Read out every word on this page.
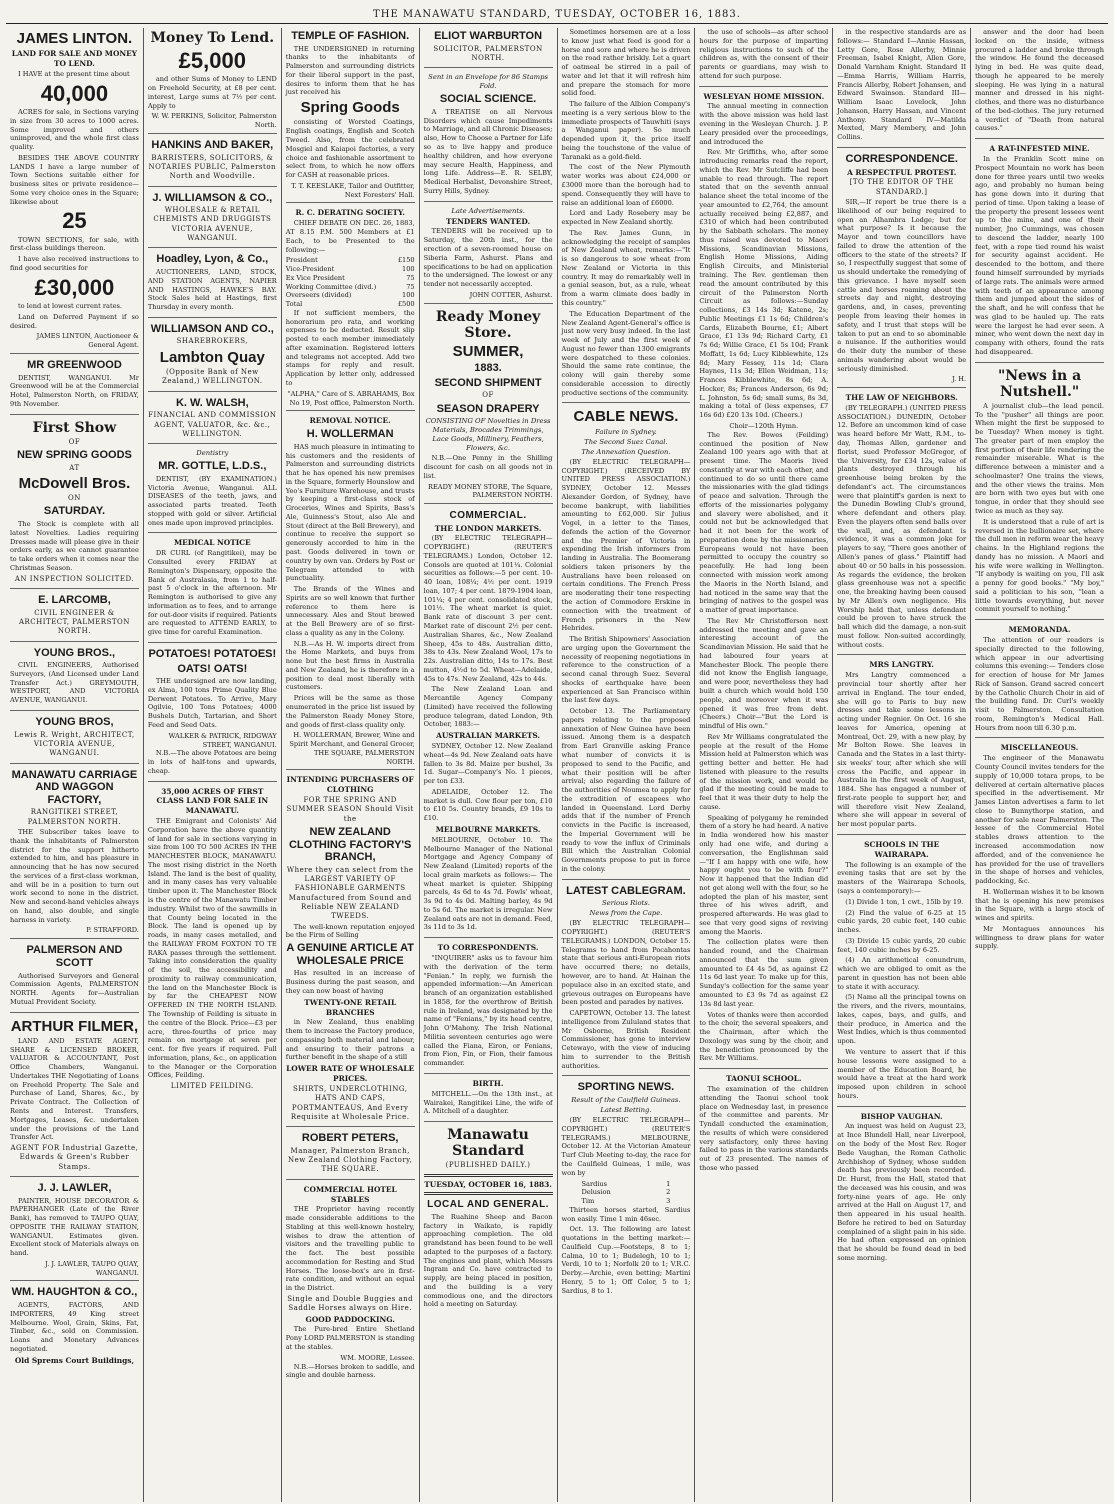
THE MANAWATU STANDARD, TUESDAY, OCTOBER 16, 1883.
JAMES LINTON.
LAND FOR SALE AND MONEY TO LEND.
I HAVE at the present time about
40,000
ACRES for sale, in Sections varying in size from 30 acres to 1000 acres. Some improved and others unimproved, and the whole first class quality.
BESIDES THE ABOVE COUNTRY LANDS I have a large number of Town Sections suitable either for business sites or private residence—Some very choice ones in the Square; likewise about
25
TOWN SECTIONS, for sale, with first-class buildings thereon.
I have also received instructions to find good securities for
£30,000
to lend at lowest current rates.
Land on Deferred Payment if so desired.
JAMES LINTON, Auctioneer & General Agent.
MR GREENWOOD
DENTIST, WANGANUI. Mr Greenwood will be at the Commercial Hotel, Palmerston North, on FRIDAY, 9th November.
First Show
OF
NEW SPRING GOODS
AT
McDowell Bros.
ON
SATURDAY.
The Stock is complete with all latest Novelties. Ladies requiring Dresses made will please give in their orders early, as we cannot guarantee to take orders when it comes near the Christmas Season.
AN INSPECTION SOLICITED.
E. LARCOMB,
CIVIL ENGINEER & ARCHITECT, PALMERSTON NORTH.
YOUNG BROS.,
CIVIL ENGINEERS, Authorised Surveyors, (And Licensed under Land Transfer Act.) GREYMOUTH, WESTPORT, AND VICTORIA AVENUE, WANGANUI.
YOUNG BROS,
Lewis R. Wright, ARCHITECT, VICTORIA AVENUE, WANGANUI.
MANAWATU CARRIAGE AND WAGGON FACTORY,
RANGITIKEI STREET, PALMERSTON NORTH.
THE Subscriber takes leave to thank the inhabitants of Palmerston district for the support hitherto extended to him, and has pleasure in announcing that he has now secured the services of a first-class workman, and will be in a position to turn out work second to none in the district. New and second-hand vehicles always on hand, also double, and single harness in variety.
P. STRAFFORD.
PALMERSON AND SCOTT
Authorised Surveyors and General Commission Agents, PALMERSTON NORTH. Agents for—Australian Mutual Provident Society.
ARTHUR FILMER,
LAND AND ESTATE AGENT, SHARE & LICENSED BROKER, VALUATOR & ACCOUNTANT, Post Office Chambers, Wanganui. Undertakes THE Negotiating of Loans on Freehold Property. The Sale and Purchase of Land, Shares, &c., by Private Contract. The Collection of Rents and Interest. Transfers, Mortgages, Leases, &c. undertaken under the provisions of the Land Transfer Act.
AGENT FOR Industrial Gazette, Edwards & Green's Rubber Stamps.
J. J. LAWLER,
PAINTER, HOUSE DECORATOR & PAPERHANGER (Late of the River Bank), has removed to TAUPO QUAY, OPPOSITE THE RAILWAY STATION, WANGANUI. Estimates given. Excellent stock of Materials always on hand.
J. J. LAWLER, TAUPO QUAY, WANGANUI.
WM. HAUGHTON & CO.,
AGENTS, FACTORS, AND IMPORTERS, 49 King street Melbourne. Wool, Grain, Skins, Fat, Timber, &c., sold on Commission. Loans and Monetary Advances negotiated.
Old Sprems Court Buildings,
Money To Lend.
£5,000
and other Sums of Money to LEND on Freehold Security, at £8 per cent. interest, Large sums at 7½ per cent. Apply to
W. W. PERKINS, Solicitor, Palmerston North.
HANKINS AND BAKER,
BARRISTERS, SOLICITORS, & NOTARIES PUBLIC, Palmerston North and Woodville.
J. WILLIAMSON & CO.,
WHOLESALE & RETAIL CHEMISTS AND DRUGGISTS VICTORIA AVENUE, WANGANUI.
Hoadley, Lyon, & Co.,
AUCTIONEERS, LAND, STOCK, AND STATION AGENTS, NAPIER AND HASTINGS, HAWKE'S BAY. Stock Sales held at Hastings, first Thursday in every month.
WILLIAMSON AND CO.,
SHAREBROKERS,
Lambton Quay
(Opposite Bank of New Zealand,) WELLINGTON.
K. W. WALSH,
FINANCIAL AND COMMISSION AGENT, VALUATOR, &c. &c., WELLINGTON.
Dentistry
MR. GOTTLE, L.D.S.,
DENTIST, (BY EXAMINATION.) Victoria Avenue, Wanganui. ALL DISEASES of the teeth, jaws, and associated parts treated. Teeth stopped with gold or silver. Artificial ones made upon improved principles.
MEDICAL NOTICE
DR CURL (of Rangitikei), may be Consulted every FRIDAY at Remington's Dispensary, opposite the Bank of Australasia, from 1 to half-past 5 o'clock in the afternoon. Mr Remington is authorised to give any information as to fees, and to arrange for out-door visits if required. Patients are requested to ATTEND EARLY, to give time for careful Examination.
POTATOES! POTATOES!
OATS! OATS!
THE undersigned are now landing, ex Alma, 100 tons Prime Quality Blue Derwent Potatoes. To Arrive, Mary Ogilvie, 100 Tons Potatoes; 4000 Bushels Dutch, Tartarian, and Short Feed and Seed Oats.
WALKER & PATRICK, RIDGWAY STREET, WANGANUI.
N.B.—The above Potatoes are being in lots of half-tons and upwards, cheap.
35,000 ACRES OF FIRST CLASS LAND FOR SALE IN MANAWATU.
THE Emigrant and Colonists' Aid Corporation have the above quantity of land for sale in sections varying in size from 100 TO 500 ACRES IN THE MANCHESTER BLOCK, MANAWATU. The most rising district in the North Island. The land is the best of quality, and in many cases has very valuable timber upon it. The Manchester Block is the centre of the Manawatu Timber industry. Whilst two of the sawmills in that County being located in the Block. The land is opened up by roads, in many cases metalled, and the RAILWAY FROM FOXTON TO TE RAKA passes through the settlement. Taking into consideration the quality of the soil, the accessibility and proximity to railway communication, the land on the Manchester Block is by far the CHEAPEST NOW OFFERED IN THE NORTH ISLAND. The Township of Feilding is situate in the centre of the Block. Price—£3 per acre, three-fourths of price may remain on mortgage at seven per cent. for five years if required. Full information, plans, &c., on application to the Manager or the Corporation Offices, Feilding.
LIMITED FEILDING.
TEMPLE OF FASHION.
THE UNDERSIGNED in returning thanks to the inhabitants of Palmerston and surrounding districts for their liberal support in the past, desires to inform them that he has just received his
Spring Goods
consisting of Worsted Coatings, English coatings, English and Scotch Tweed. Also, from the celebrated Mosgiel and Kaiapoi factories, a very choice and fashionable assortment to select from, to which he now offers for CASH at reasonable prices.
T. T. KEESLAKE, Tailor and Outfitter, Next Foresters' Hall.
R. C. DERATING SOCIETY.
CHIEF DEBATE ON DEC. 26, 1883, AT 8.15 P.M. 500 Members at £1 Each, to be Presented to the following:—
President	£150
Vice-President	100
Ex Vice President	75
Working Committee (divd.)	75
Overseers (divided)	100
Total	£500
If not sufficient members, the honorarium pro rata, and working expenses to be deducted. Result slip posted to each member immediately after examination. Registered letters and telegrams not accepted. Add two stamps for reply and result. Application by letter only, addressed to
"ALPHA," Care of S. ABRAHAMS, Box No 19, Post office, Palmerston North.
REMOVAL NOTICE.
H. WOLLERMAN
HAS much pleasure in intimating to his customers and the residents of Palmerston and surrounding districts that he has opened his new premises in the Square, formerly Hounslow and Yeo's Furniture Warehouse, and trusts by keeping a first-class stock of Groceries, Wines and Spirits, Bass's Ale, Guinness's Stout, also Ale and Stout (direct at the Bell Brewery), and continue to receive the support so generously accorded to him in the past. Goods delivered in town or country by own van. Orders by Post or Telegram attended to with punctuality.
The Brands of the Wines and Spirits are so well known that further reference to them here is unnecessary. Ales and Stout brewed at the Bell Brewery are of so first-class a quality as any in the Colony.
N.B.—As H. W. imports direct from the Home Markets, and buys from none but the best firms in Australia and New Zealand, he is therefore in a position to deal most liberally with customers.
Prices will be the same as those enumerated in the price list issued by the Palmerston Ready Money Store, and goods of first-class quality only.
H. WOLLERMAN, Brewer, Wine and Spirit Merchant, and General Grocer, THE SQUARE, PALMERSTON NORTH.
INTENDING PURCHASERS OF CLOTHING
FOR THE SPRING AND SUMMER SEASON Should Visit the
NEW ZEALAND CLOTHING FACTORY'S BRANCH,
Where they can select from the LARGEST VARIETY OF FASHIONABLE GARMENTS Manufactured from Sound and Reliable NEW ZEALAND TWEEDS.
The well-known reputation enjoyed be the Firm of Selling
A GENUINE ARTICLE AT WHOLESALE PRICE
Has resulted in an increase of Business during the past season, and they can now boast of having
TWENTY-ONE RETAIL BRANCHES
in New Zealand, thus enabling them to increase the Factory produce, compassing both material and labour, and ensuring to their patrons a further benefit in the shape of a still
LOWER RATE OF WHOLESALE PRICES.
SHIRTS, UNDERCLOTHING, HATS AND CAPS, PORTMANTEAUS, And Every Requisite at Wholesale Price.
ROBERT PETERS,
Manager, Palmerston Branch, New Zealand Clothing Factory, THE SQUARE.
COMMERCIAL HOTEL STABLES
THE Proprietor having recently made considerable additions to the Stabling at this well-known hostelry, wishes to draw the attention of visitors and the travelling public to the fact. The best possible accommodation for Resting and Stud Horses. The loose-box's are in first-rate condition, and without an equal in the District.
Single and Double Buggies and Saddle Horses always on Hire.
GOOD PADDOCKING.
The Pure-bred Entire Shetland Pony LORD PALMERSTON is standing at the stables.
WM. MOORE, Lessee.
N.B.—Horses broken to saddle, and single and double harness.
ELIOT WARBURTON
SOLICITOR, PALMERSTON NORTH.
Sent in an Envelope for 86 Stamps Fold.
SOCIAL SCIENCE.
A TREATISE on all Nervous Disorders which cause Impediments to Marriage, and all Chronic Diseases; also, How to Choose a Partner for Life so as to live happy and produce healthy children, and how everyone may secure Health, Happiness, and long Life. Address—E. R. SELBY, Medical Herbalist, Devonshire Street, Surry Hills, Sydney.
Late Advertisements.
TENDERS WANTED.
TENDERS will be received up to Saturday, the 20th inst., for the erection of a seven-roomed house on Siberia Farm, Ashurst. Plans and specifications to be had on application to the undersigned. The lowest or any tender not necessarily accepted.
JOHN COTTER, Ashurst.
Ready Money Store.
SUMMER,
1883.
SECOND SHIPMENT
OF
SEASON DRAPERY
CONSISTING OF Novelties in Dress Materials, Brocades Trimmings, Lace Goods, Millinery, Feathers, Flowers, &c.
N.B.—One Penny in the Shilling discount for cash on all goods not in list.
READY MONEY STORE, The Square, PALMERSTON NORTH.
COMMERCIAL.
THE LONDON MARKETS.
(BY ELECTRIC TELEGRAPH—COPYRIGHT.) (REUTER'S TELEGRAMS.) London, October 12. Consols are quoted at 101¼. Colonial securities as follows:—5 per cent. 10-40 loan, 108¼; 4½ per cent. 1919 loan, 107; 4 per cent. 1879-1904 loan, 101¼; 4 per cent. consolidated stock, 101½. The wheat market is quiet. Bank rate of discount 3 per cent. Market rate of discount 2½ per cent. Australian Shares, &c., New Zealand Sheep, 45s to 48s. Australian ditto, 38s to 43s. New Zealand Wool, 17s to 22s. Australian ditto, 14s to 17s. Best mutton, 4½d to 5d. Wheat—Adelaide, 45s to 47s. New Zealand, 42s to 44s.
The New Zealand Loan and Mercantile Agency Company (Limited) have received the following produce telegram, dated London, 9th October, 1883:—
AUSTRALIAN MARKETS.
SYDNEY, October 12. New Zealand wheat—4s 9d. New Zealand oats have fallen to 3s 8d. Maize per bushel, 3s 1d. Sugar—Company's No. 1 pieces, per ton £33.
ADELAIDE, October 12. The market is dull. Cow flour per ton, £10 to £10 5s. Country brands, £9 10s to £10.
MELBOURNE MARKETS.
MELBOURNE, October 10. The Melbourne Manager of the National Mortgage and Agency Company of New Zealand (Limited) reports of the local grain markets as follows:— The wheat market is quieter. Shipping parcels, 4s 6d to 4s 7d. Fowls' wheat, 3s 9d to 4s 0d. Malting barley, 4s 9d to 5s 6d. The market is irregular. New Zealand oats are not in demand. Feed, 3s 11d to 3s 1d.
TO CORRESPONDENTS.
"INQUIRER" asks us to favour him with the derivation of the term "Fenian." In reply, we furnish the appended information:—An American branch of an organization established in 1858, for the overthrow of British rule in Ireland, was designated by the name of "Fenians," by its head centre, John O'Mahony. The Irish National Militia seventeen centuries ago were called the Fiana, Eiron, or Fenians, from Fion, Fin, or Fion, their famous commander.
BIRTH.
MITCHELL.—On the 13th inst., at Wairakei, Rangitikei Line, the wife of A. Mitchell of a daughter.
Manawatu Standard
(PUBLISHED DAILY.)
TUESDAY, OCTOBER 16, 1883.
LOCAL AND GENERAL.
The Ruahine Sheep and Bacon factory in Waikato, is rapidly approaching completion. The old grandstand has been found to be well adapted to the purposes of a factory. The engines and plant, which Messrs Ingram and Co. have contracted to supply, are being placed in position, and the building is a very commodious one, and the directors hold a meeting on Saturday.
Sometimes horsemen are at a loss to know just what feed is good for a horse and sore and where he is driven on the road rather briskly. Let a quart of oatmeal be stirred in a pail of water and let that it will refresh him and prepare the stomach for more solid food.
The failure of the Albion Company's meeting is a very serious blow to the immediate prospects of Tauwhiti (says a Wanganui paper). So much depended upon it, the price itself being the touchstone of the value of Taranaki as a gold-field.
The cost of the New Plymouth water works was about £24,000 or £3000 more than the borough had to spend. Consequently they will have to raise an additional loan of £6000.
Lord and Lady Rosebery may be expected in New Zealand shortly.
The Rev. James Gunn, in acknowledging the receipt of samples of New Zealand wheat, remarks:—"It is so dangerous to sow wheat from New Zealand or Victoria in this country. It may do remarkably well in a genial season, but, as a rule, wheat from a warm climate does badly in this country."
The Education Department of the New Zealand Agent-General's office is just now very busy indeed. In the last week of July and the first week of August no fewer than 1300 emigrants were despatched to these colonies. Should the same rate continue, the colony will gain thereby some considerable accession to directly productive sections of the community.
CABLE NEWS.
Failure in Sydney.
The Second Suez Canal.
The Annexation Question.
(BY ELECTRIC TELEGRAPH—COPYRIGHT.) (RECEIVED BY UNITED PRESS ASSOCIATION.) SYDNEY, October 12. Messrs Alexander Gordon, of Sydney, have become bankrupt, with liabilities amounting to £62,000. Sir Julius Vogel, in a letter to the Times, defends the action of the Governor and the Premier of Victoria in expending the Irish informers from landing in Australia. The Boomerang soldiers taken prisoners by the Australians have been released on certain conditions. The French Press are moderating their tone respecting the action of Commodore Erskine in connection with the treatment of French prisoners in the New Hebrides.
The British Shipowners' Association are urging upon the Government the necessity of reopening negotiations in reference to the construction of a second canal through Suez. Several shocks of earthquake have been experienced at San Francisco within the last few days.
October 13. The Parliamentary papers relating to the proposed annexation of New Guinea have been issued. Among them is a despatch from Earl Granville asking France what number of convicts it is proposed to send to the Pacific, and what their position will be after arrival; also regarding the failure of the authorities of Noumea to apply for the extradition of escapees who landed in Queensland. Lord Derby adds that if the number of French convicts in the Pacific is increased, the Imperial Government will be ready to vow the influx of Criminals Bill which the Australian Colonial Governments propose to put in force in the colony.
LATEST CABLEGRAM.
Serious Riots.
News from the Cape.
(BY ELECTRIC TELEGRAPH—COPYRIGHT.) (REUTER'S TELEGRAMS.) LONDON, October 15. Telegrams to hand from Pocahontas state that serious anti-European riots have occurred there; no details, however, are to hand. At Hainan the populace also in an excited state, and grievous outrages on Europeans have been posted and parades by natives.
CAPETOWN, October 13. The latest intelligence from Zululand states that Mr Osborne, British Resident Commissioner, has gone to interview Cetewayo, with the view of inducing him to surrender to the British authorities.
SPORTING NEWS.
Result of the Caulfield Guineas.
Latest Betting.
(BY ELECTRIC TELEGRAPH—COPYRIGHT.) (REUTER'S TELEGRAMS.) MELBOURNE, October 12. At the Victorian Amateur Turf Club Meeting to-day, the race for the Caulfield Guineas, 1 mile, was won by
Sardius	1
Delusion	2
Tim	3
Thirteen horses started, Sardius won easily. Time 1 min 46sec.
Oct. 13. The following are latest quotations in the betting market:—Caulfield Cup.—Footsteps, 8 to 1; Calma, 10 to 1; Budelegh, 10 to 1; Verdi, 10 to 1; Norfolk 20 to 1; V.R.C. Derby.—Archie, even betting; Martini Henry, 5 to 1; Off Color, 5 to 1; Sardius, 8 to 1.
the use of schools—as after school hours for the purpose of imparting religious instructions to such of the children as, with the consent of their parents or guardians, may wish to attend for such purpose.
WESLEYAN HOME MISSION.
The annual meeting in connection with the above mission was held last evening in the Wesleyan Church. J. P. Leary presided over the proceedings, and introduced the
Rev. Mr Griffiths, who, after some introducing remarks read the report, which the Rev. Mr Sutcliffe had been unable to read through. The report stated that on the seventh annual balance sheet the total income of the year amounted to £2,764, the amount actually received being £2,887, and £310 of which had been contributed by the Sabbath scholars. The money thus raised was devoted to Maori Missions, Scandinavian Missions, English Home Missions, Aiding English Circuits, and Ministerial training. The Rev. gentleman then read the amount contributed by this circuit of the Palmerston North Circuit as follows:—Sunday collections, £3 14s 3d; Katene, 2s; Public Meetings £1 1s 6d; Children's Cards, Elizabeth Bourne, £1; Albert Grace, £1 13s 9d; Richard Carty, £1 7s 6d; Willie Grace, £1 5s 10d; Frank Moffatt, 1s 6d; Lucy Kibblewhite, 12s 8d; Mary Fessey, 11s 1d; Clara Haynes, 11s 3d; Ellen Weidman, 11s; Frances Kibblewhite, 8s 6d; A. Hocker, 8s; Frances Anderson, 6s 9d; L. Johnston, 5s 6d; small sums, 8s 3d, making a total of (less expenses, £7 16s 6d) £20 13s 10d. (Cheers.)
Choir—120th Hymn.
The Rev. Bowes (Feilding) continued the position of New Zealand 100 years ago with that at present time. The Maoris lived constantly at war with each other, and continued to do so until there came the missionaries with the glad tidings of peace and salvation. Through the efforts of the missionaries polygamy and slavery were abolished, and it could not but be acknowledged that had it not been for the work of preparation done by the missionaries, Europeans would not have been permitted to occupy the country so peacefully. He had long been connected with mission work among the Maoris in the North Island, and had noticed in the same way that the bringing of natives to the gospel was a matter of great importance.
The Rev Mr Christofferson next addressed the meeting and gave an interesting account of the Scandinavian Mission. He said that he had laboured four years at Manchester Block. The people there did not know the English language, and were poor, nevertheless they had built a church which would hold 150 people, and moreover when it was opened it was free from debt. (Cheers.) Choir—"But the Lord is mindful of His own."
Rev Mr Williams congratulated the people at the result of the Home Mission held at Palmerston which was getting better and better. He had listened with pleasure to the results of the mission work, and would be glad if the meeting could be made to feel that it was their duty to help the cause.
Speaking of polygamy he reminded them of a story he had heard. A native in India wondered how his master only had one wife, and during a conversation, the Englishman said—"If I am happy with one wife, how happy ought you to be with four?" Now it happened that the Indian did not get along well with the four, so he adopted the plan of his master, sent three of his wives adrift, and prospered afterwards. He was glad to see that very good signs of reviving among the Maoris.
The collection plates were then handed round, and the Chairman announced that the sum given amounted to £4 4s 5d, as against £2 11s 6d last year. To make up for this, Sunday's collection for the same year amounted to £3 9s 7d as against £2 13s 8d last year.
Votes of thanks were then accorded to the choir, the several speakers, and the Chairman, after which the Doxology was sung by the choir, and the benediction pronounced by the Rev. Mr Williams.
TAONUI SCHOOL.
The examination of the children attending the Taonui school took place on Wednesday last, in presence of the committee and parents. Mr Tyndall conducted the examination, the results of which were considered very satisfactory, only three having failed to pass in the various standards out of 23 presented. The names of those who passed
in the respective standards are as follows:— Standard I—Annie Hassan, Letty Gore, Rose Allerby, Minnie Freeman, Isabel Knight, Allen Gore, Donald Varnham Knight. Standard II—Emma Harris, William Harris, Francis Allerby, Robert Johansen, and Edward Swainson. Standard III—William Isaac Lovelock, John Johanson, Harry Hassan, and Vincent Anthony. Standard IV—Matilda Mexted, Mary Membery, and John Collins.
CORRESPONDENCE.
A RESPECTFUL PROTEST.
[TO THE EDITOR OF THE STANDARD.]
SIR,—If report be true there is a likelihood of our being required to open an Alhambra Lodge; but for what purpose? Is it because the Mayor and town councillors have failed to draw the attention of the officers to the state of the streets? If so, I respectfully suggest that some of us should undertake the remedying of this grievance. I have myself seen cattle and horses roaming about the streets day and night, destroying gardens, and, in cases, preventing people from leaving their homes in safety, and I trust that steps will be taken to put an end to so abominable a nuisance. If the authorities would do their duty the number of these animals wandering about would be seriously diminished.
J. H.
THE LAW OF NEIGHBORS.
(BY TELEGRAPH.) (UNITED PRESS ASSOCIATION.) DUNEDIN, October 12. Before an uncommon kind of case was heard before Mr Watt, R.M., to-day, Thomas Allen, gardener and florist, sued Professor McGregor, of the University, for £34 12s, value of plants destroyed through his greenhouse being broken by the defendant's act. The circumstances were that plaintiff's garden is next to the Dunedin Bowling Club's ground, where defendant and others play. Even the players often send balls over the wall, and, as defendant is evidence, it was a common joke for players to say, "There goes another of Allen's panes of glass." Plaintiff had about 40 or 50 balls in his possession. As regards the evidence, the broken glass greenhouse was not a specific one, the breaking having been caused by Mr Allen's own negligence. His Worship held that, unless defendant could be proven to have struck the ball which did the damage, a non-suit must follow. Non-suited accordingly, without costs.
MRS LANGTRY.
Mrs Langtry commenced a provincial tour shortly after her arrival in England. The tour ended, she will go to Paris to buy new dresses and take some lessons in acting under Regnier. On Oct. 16 she leaves for America, opening at Montreal, Oct. 29, with a new play, by Mr Bolton Rowe. She leaves in Canada and the States in a last thirty-six weeks' tour, after which she will cross the Pacific, and appear in Australia in the first week of August, 1884. She has engaged a number of first-rate people to support her, and will therefore visit New Zealand, where she will appear in several of her most popular parts.
SCHOOLS IN THE WAIRARAPA.
The following is an example of the evening tasks that are set by the masters of the Wairarapa Schools, (says a contemporary):—
(1) Divide 1 ton, 1 cwt., 15lb by 19.
(2) Find the value of 6-25 at 15 cubic yards, 20 cubic feet, 140 cubic inches.
(3) Divide 15 cubic yards, 20 cubic feet, 140 cubic inches by 6-25.
(4) An arithmetical conundrum, which we are obliged to omit as the parent in question has not been able to state it with accuracy.
(5) Name all the principal towns on the rivers, and the rivers, mountains, lakes, capes, bays, and gulfs, and their produce, in America and the West Indies, which is thus commented upon.
We venture to assert that if this house lessons were assigned to a member of the Education Board, he would have a treat at the hard work imposed upon children in school hours.
BISHOP VAUGHAN.
An inquest was held on August 23, at Ince Blundell Hall, near Liverpool, on the body of the Most Rev. Roger Bede Vaughan, the Roman Catholic Archbishop of Sydney, whose sudden death has previously been recorded. Dr. Hurst, from the Hall, stated that the deceased was his cousin, and was forty-nine years of age. He only arrived at the Hall on August 17, and then appeared in his usual health. Before he retired to bed on Saturday complained of a slight pain in his side. He had often expressed an opinion that he should be found dead in bed some morning.
answer and the door had been locked on the inside, witness procured a ladder and broke through the window. He found the deceased lying in bed. He was quite dead, though he appeared to be merely sleeping. He was lying in a natural manner and dressed in his night-clothes, and there was no disturbance of the bed-clothes. The jury returned a verdict of "Death from natural causes."
A RAT-INFESTED MINE.
In the Franklin Scott mine on Prospect Mountain no work has been done for three years until two weeks ago, and probably no human being has gone down into it during that period of time. Upon taking a lease of the property the present lessees went up to the mine, and one of their number, Jno Cummings, was chosen to descend the ladder, nearly 100 feet, with a rope tied round his waist for security against accident. He descended to the bottom, and there found himself surrounded by myriads of large rats. The animals were armed with teeth of an appearance among them and jumped about the sides of the shaft, and he will confess that he was glad to be hauled up. The rats were the largest he had ever seen. A miner, who went down the next day in company with others, found the rats had disappeared.
"News in a Nutshell."
A journalist club—the lead pencil. To the "pusher" all things are poor. When might the first be supposed to be Tuesday? When money is tight. The greater part of men employ the first portion of their life rendering the remainder miserable. What is the difference between a minister and a schoolmaster? One trains the views, and the other views the trains. Men are born with two eyes but with one tongue, in order that they should see twice as much as they say.
It is understood that a rule of art is reversed in the bullionaire set, where the dull men in reform wear the heavy chains. In the Highland regions the dandy has no mission. A Maori and his wife were walking in Wellington. "If anybody is waiting on you, I'll ask a penny for good books." "My boy," said a politician to his son, "lean a little towards everything, but never commit yourself to nothing."
MEMORANDA.
The attention of our readers is specially directed to the following, which appear in our advertising columns this evening:— Tenders close for erection of house for Mr James Rick of Sanson. Grand sacred concert by the Catholic Church Choir in aid of the building fund. Dr. Curl's weekly visit to Palmerston. Consultation room, Remington's Medical Hall. Hours from noon till 6.30 p.m.
MISCELLANEOUS.
The engineer of the Manawatu County Council invites tenders for the supply of 10,000 totara props, to be delivered at certain alternative places specified in the advertisement. Mr James Linton advertises a farm to let close to Bunnythorpe station, and another for sale near Palmerston. The lessee of the Commercial Hotel stables draws attention to the increased accommodation now afforded, and of the convenience he has provided for the use of travellers in the shape of horses and vehicles, paddocking, &c.
H. Wollerman wishes it to be known that he is opening his new premises in the Square, with a large stock of wines and spirits.
Mr Montagues announces his willingness to draw plans for water supply.
